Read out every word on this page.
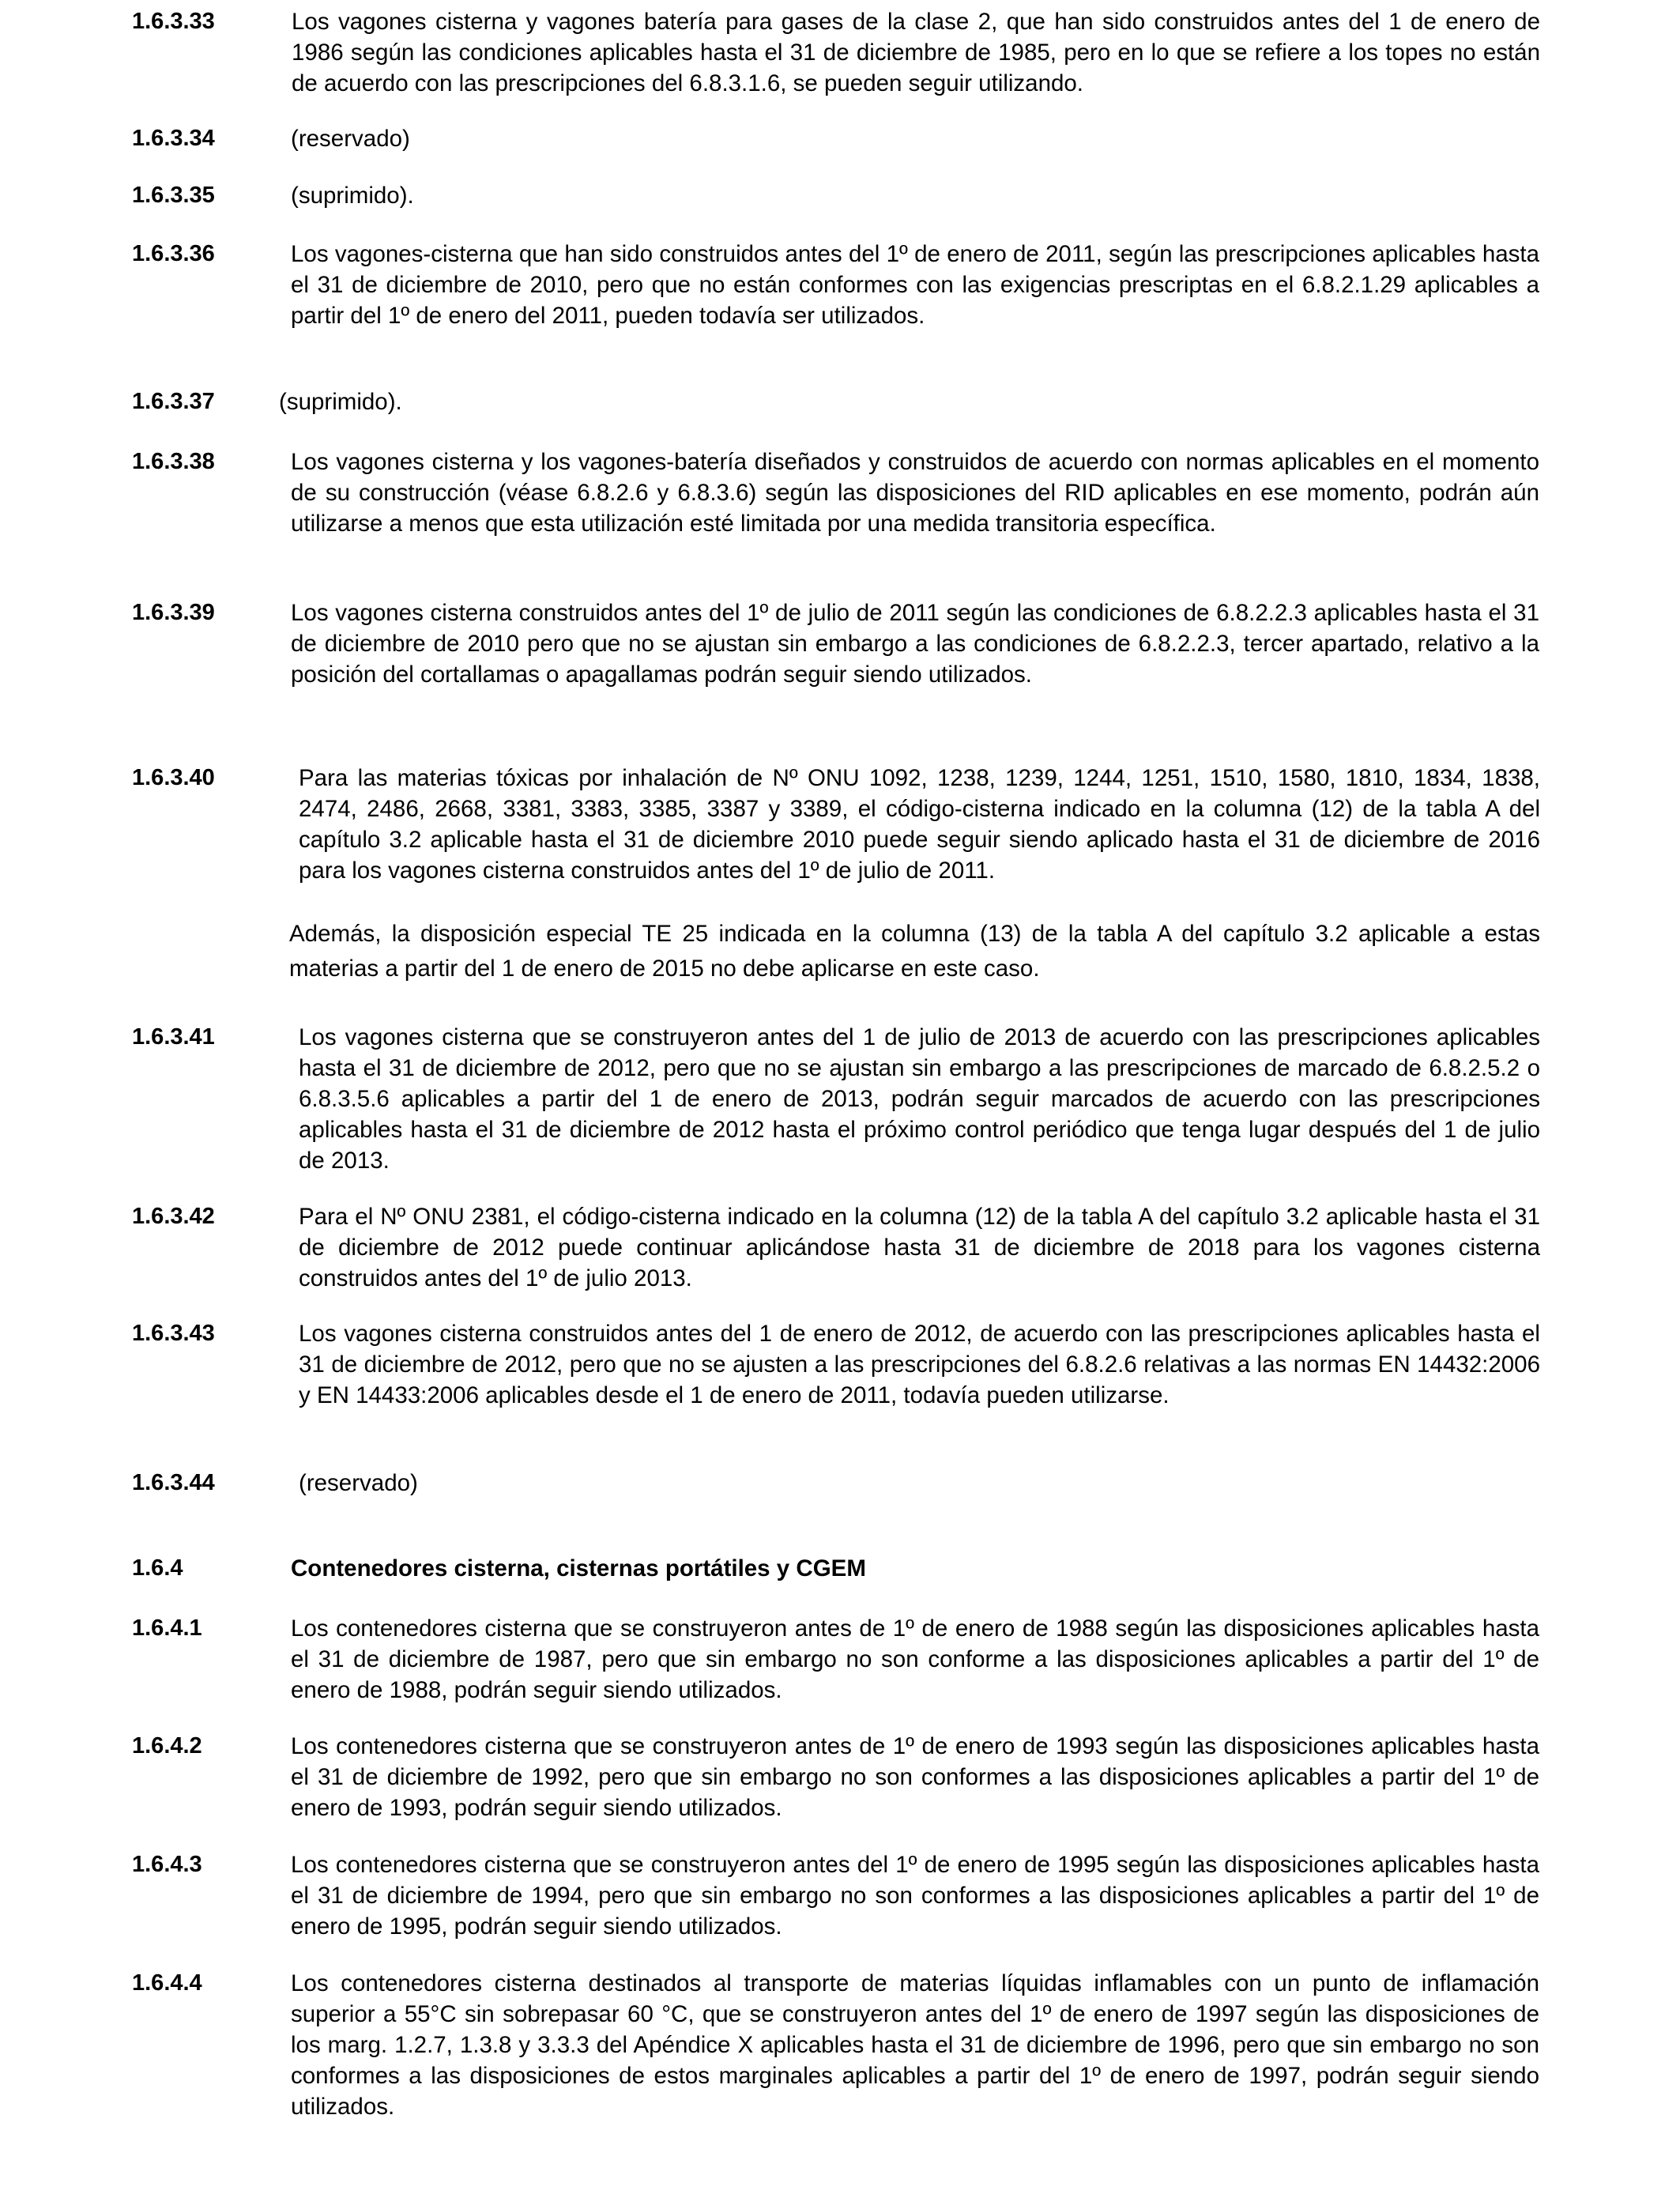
1.6.3.33	Los vagones cisterna y vagones batería para gases de la clase 2, que han sido construidos antes del 1 de enero de 1986 según las condiciones aplicables hasta el 31 de diciembre de 1985, pero en lo que se refiere a los topes no están de acuerdo con las prescripciones del 6.8.3.1.6, se pueden seguir utilizando.
1.6.3.34	(reservado)
1.6.3.35	(suprimido).
1.6.3.36	Los vagones-cisterna que han sido construidos antes del 1º de enero de 2011, según las prescripciones aplicables hasta el 31 de diciembre de 2010, pero que no están conformes con las exigencias prescriptas en el 6.8.2.1.29 aplicables a partir del 1º de enero del 2011, pueden todavía ser utilizados.
1.6.3.37	(suprimido).
1.6.3.38	Los vagones cisterna y los vagones-batería diseñados y construidos de acuerdo con normas aplicables en el momento de su construcción (véase 6.8.2.6 y 6.8.3.6) según las disposiciones del RID aplicables en ese momento, podrán aún utilizarse a menos que esta utilización esté limitada por una medida transitoria específica.
1.6.3.39	Los vagones cisterna construidos antes del 1º de julio de 2011 según las condiciones de 6.8.2.2.3 aplicables hasta el 31 de diciembre de 2010 pero que no se ajustan sin embargo a las condiciones de 6.8.2.2.3, tercer apartado, relativo a la posición del cortallamas o apagallamas podrán seguir siendo utilizados.
1.6.3.40	Para las materias tóxicas por inhalación de Nº ONU 1092, 1238, 1239, 1244, 1251, 1510, 1580, 1810, 1834, 1838, 2474, 2486, 2668, 3381, 3383, 3385, 3387 y 3389, el código-cisterna indicado en la columna (12) de la tabla A del capítulo 3.2 aplicable hasta el 31 de diciembre 2010 puede seguir siendo aplicado hasta el 31 de diciembre de 2016 para los vagones cisterna construidos antes del 1º de julio de 2011.
Además, la disposición especial TE 25 indicada en la columna (13) de la tabla A del capítulo 3.2 aplicable a estas materias a partir del 1 de enero de 2015 no debe aplicarse en este caso.
1.6.3.41	Los vagones cisterna que se construyeron antes del 1 de julio de 2013 de acuerdo con las prescripciones aplicables hasta el 31 de diciembre de 2012, pero que no se ajustan sin embargo a las prescripciones de marcado de 6.8.2.5.2 o 6.8.3.5.6 aplicables a partir del 1 de enero de 2013, podrán seguir marcados de acuerdo con las prescripciones aplicables hasta el 31 de diciembre de 2012 hasta el próximo control periódico que tenga lugar después del 1 de julio de 2013.
1.6.3.42	Para el Nº ONU 2381, el código-cisterna indicado en la columna (12) de la tabla A del capítulo 3.2 aplicable hasta el 31 de diciembre de 2012 puede continuar aplicándose hasta 31 de diciembre de 2018 para los vagones cisterna construidos antes del 1º de julio 2013.
1.6.3.43	Los vagones cisterna construidos antes del 1 de enero de 2012, de acuerdo con las prescripciones aplicables hasta el 31 de diciembre de 2012, pero que no se ajusten a las prescripciones del 6.8.2.6 relativas a las normas EN 14432:2006 y EN 14433:2006 aplicables desde el 1 de enero de 2011, todavía pueden utilizarse.
1.6.3.44	(reservado)
1.6.4	Contenedores cisterna, cisternas portátiles y CGEM
1.6.4.1	Los contenedores cisterna que se construyeron antes de 1º de enero de 1988 según las disposiciones aplicables hasta el 31 de diciembre de 1987, pero que sin embargo no son conforme a las disposiciones aplicables a partir del 1º de enero de 1988, podrán seguir siendo utilizados.
1.6.4.2	Los contenedores cisterna que se construyeron antes de 1º de enero de 1993 según las disposiciones aplicables hasta el 31 de diciembre de 1992, pero que sin embargo no son conformes a las disposiciones aplicables a partir del 1º de enero de 1993, podrán seguir siendo utilizados.
1.6.4.3	Los contenedores cisterna que se construyeron antes del 1º de enero de 1995 según las disposiciones aplicables hasta el 31 de diciembre de 1994, pero que sin embargo no son conformes a las disposiciones aplicables a partir del 1º de enero de 1995, podrán seguir siendo utilizados.
1.6.4.4	Los contenedores cisterna destinados al transporte de materias líquidas inflamables con un punto de inflamación superior a 55°C sin sobrepasar 60 °C, que se construyeron antes del 1º de enero de 1997 según las disposiciones de los marg. 1.2.7, 1.3.8 y 3.3.3 del Apéndice X aplicables hasta el 31 de diciembre de 1996, pero que sin embargo no son conformes a las disposiciones de estos marginales aplicables a partir del 1º de enero de 1997, podrán seguir siendo utilizados.
